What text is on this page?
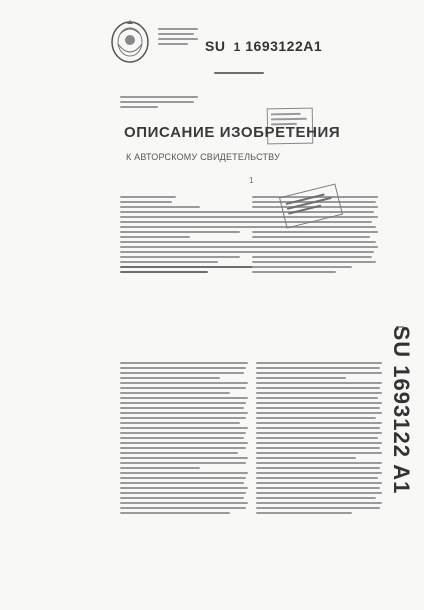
SU  1 1693122A1
ОПИСАНИЕ ИЗОБРЕТЕНИЯ
К АВТОРСКОМУ СВИДЕТЕЛЬСТВУ
1
SU 1693122 A1
